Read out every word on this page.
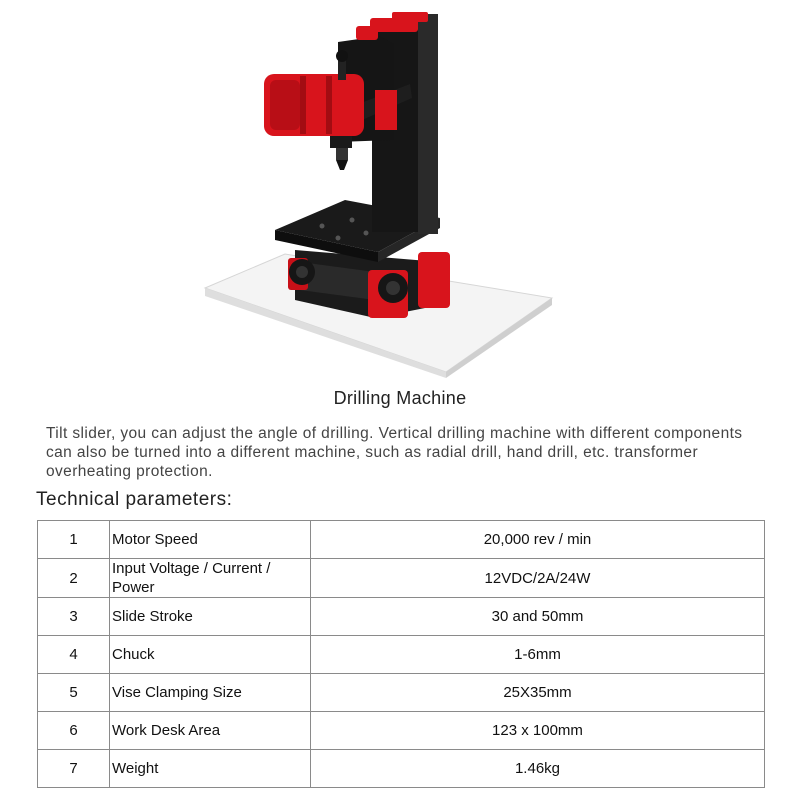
Drilling Machine
Tilt slider, you can adjust the angle of drilling. Vertical drilling machine with different components can also be turned into a different machine, such as radial drill, hand drill, etc. transformer overheating protection.
Technical parameters:
1	Motor Speed	20,000 rev / min
2	Input Voltage / Current / Power	12VDC/2A/24W
3	Slide Stroke	30 and 50mm
4	Chuck	1-6mm
5	Vise Clamping Size	25X35mm
6	Work Desk Area	123 x 100mm
7	Weight	1.46kg
